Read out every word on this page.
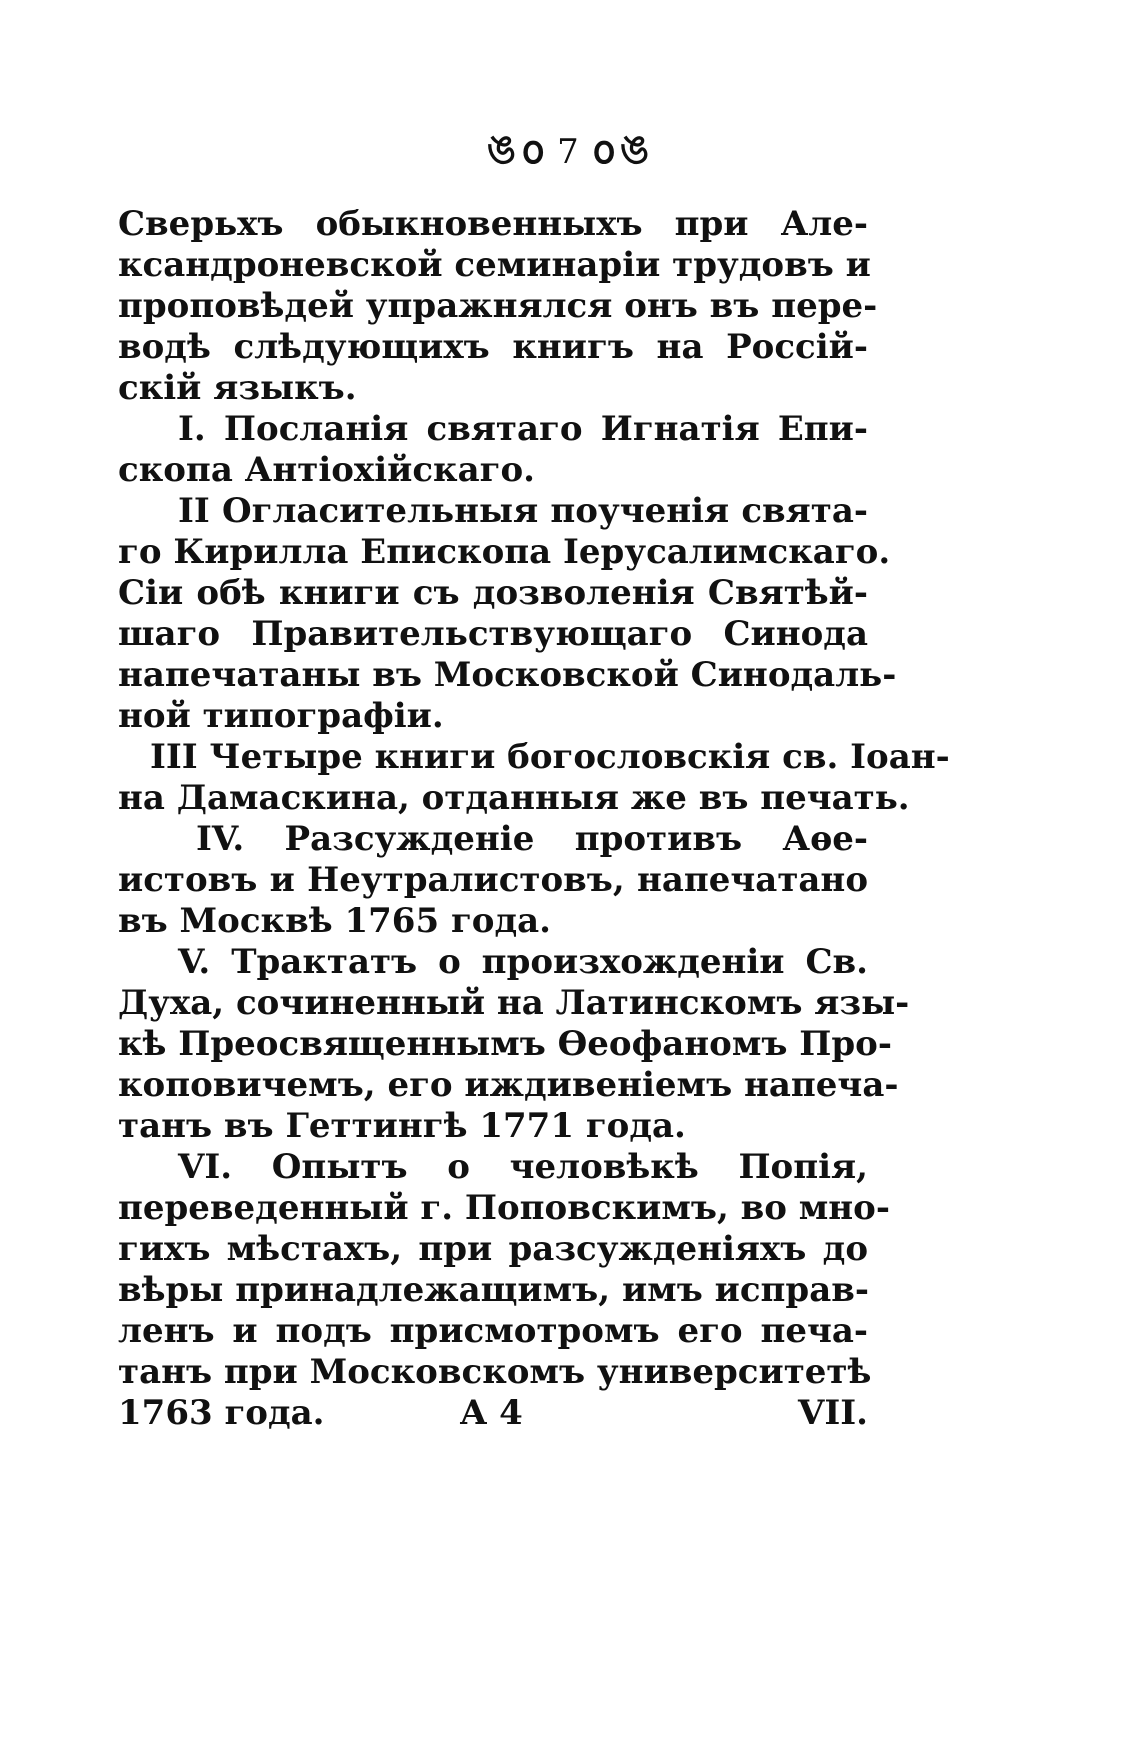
ঙ᪐ 7 ᪐ঙ
Сверьхъ обыкновенныхъ при Але-
ксандроневской семинарiи трудовъ и
проповѣдей упражнялся онъ въ пере-
водѣ слѣдующихъ книгъ на Россiй-
скiй языкъ.
I. Посланiя святаго Игнатiя Епи-
скопа Антiохiйскаго.
II Огласительныя поученiя свята-
го Кирилла Епископа Iерусалимскаго.
Сiи обѣ книги съ дозволенiя Святѣй-
шаго Правительствующаго Синода
напечатаны въ Московской Синодаль-
ной типографiи.
III Четыре книги богословскiя св. Iоан-
на Дамаскина, отданныя же въ печать.
IV. Разсужденiе противъ Аѳе-
истовъ и Неутралистовъ, напечатано
въ Москвѣ 1765 года.
V. Трактатъ о произхожденiи Св.
Духа, сочиненный на Латинскомъ язы-
кѣ Преосвященнымъ Ѳеофаномъ Про-
коповичемъ, его иждивенiемъ напеча-
танъ въ Геттингѣ 1771 года.
VI. Опытъ о человѣкѣ Попiя,
переведенный г. Поповскимъ, во мно-
гихъ мѣстахъ, при разсужденiяхъ до
вѣры принадлежащимъ, имъ исправ-
ленъ и подъ присмотромъ его печа-
танъ при Московскомъ университетѣ
1763 года.	А 4	VII.
